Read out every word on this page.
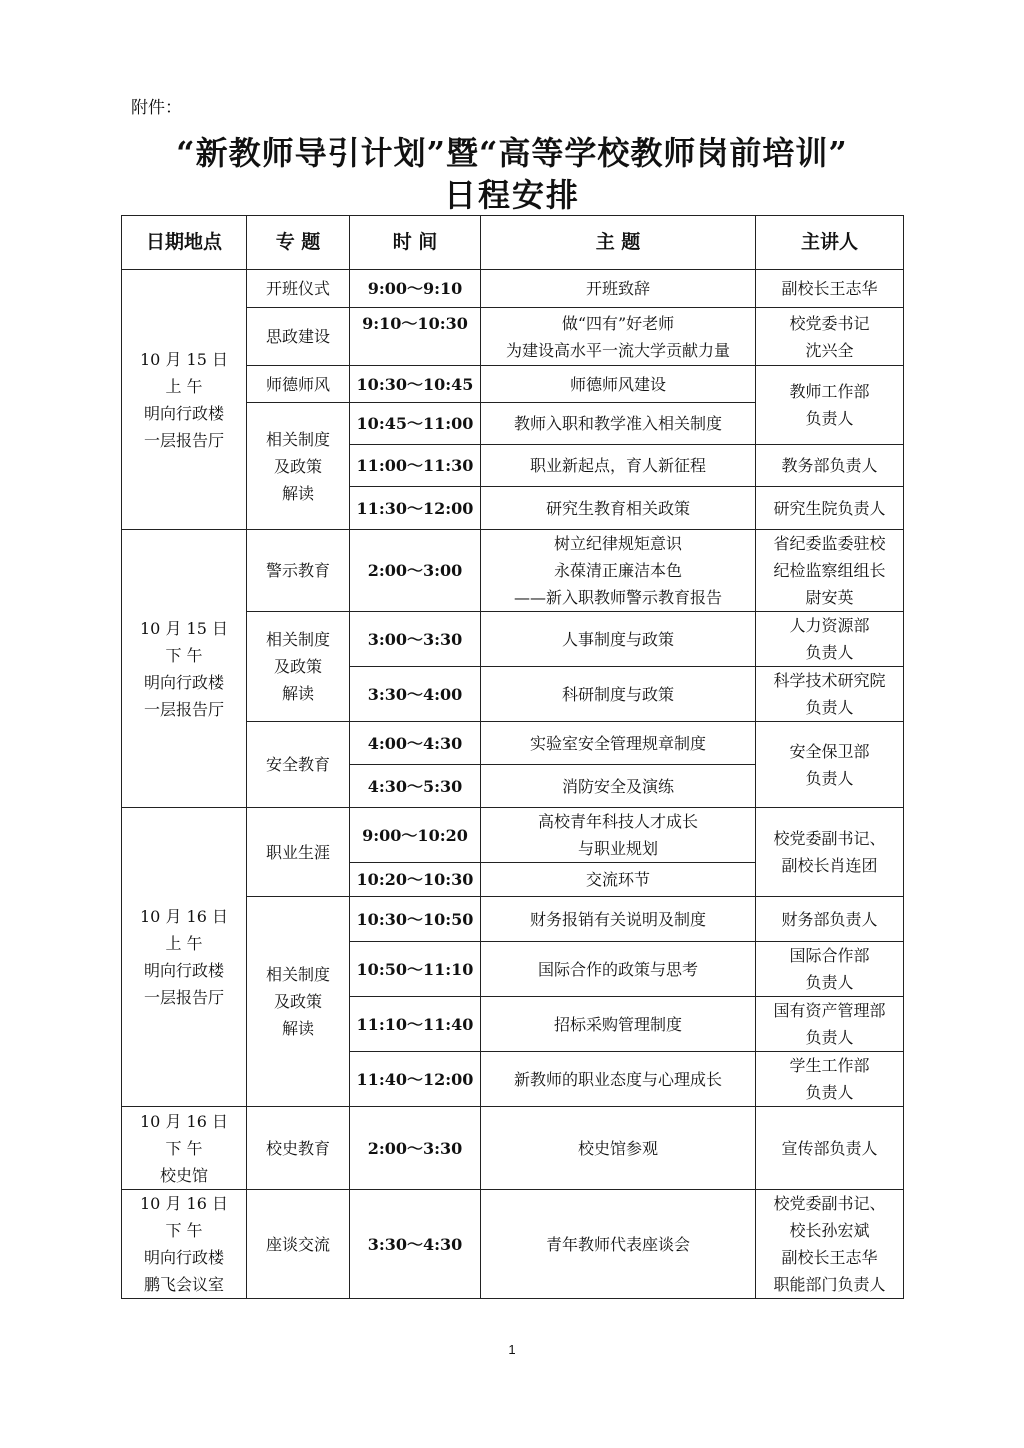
附件：
“新教师导引计划”暨“高等学校教师岗前培训”
日程安排
日期地点	专 题	时 间	主 题	主讲人

10 月 15 日
上 午
明向行政楼
一层报告厅	开班仪式	9:00～9:10	开班致辞	副校长王志华

	思政建设	9:10～10:30	做“四有”好老师
为建设高水平一流大学贡献力量	校党委书记
沈兴全

	师德师风	10:30～10:45	师德师风建设	教师工作部
负责人

	相关制度
及政策
解读	10:45～11:00	教师入职和教学准入相关制度	

		11:00～11:30	职业新起点，育人新征程	教务部负责人

		11:30～12:00	研究生教育相关政策	研究生院负责人

10 月 15 日
下 午
明向行政楼
一层报告厅	警示教育	2:00～3:00	树立纪律规矩意识
永葆清正廉洁本色
——新入职教师警示教育报告	省纪委监委驻校
纪检监察组组长
尉安英

	相关制度
及政策
解读	3:00～3:30	人事制度与政策	人力资源部
负责人

		3:30～4:00	科研制度与政策	科学技术研究院
负责人

	安全教育	4:00～4:30	实验室安全管理规章制度	安全保卫部
负责人

		4:30～5:30	消防安全及演练	

10 月 16 日
上 午
明向行政楼
一层报告厅	职业生涯	9:00～10:20	高校青年科技人才成长
与职业规划	校党委副书记、
副校长肖连团

		10:20～10:30	交流环节	

	相关制度
及政策
解读	10:30～10:50	财务报销有关说明及制度	财务部负责人

		10:50～11:10	国际合作的政策与思考	国际合作部
负责人

		11:10～11:40	招标采购管理制度	国有资产管理部
负责人

		11:40～12:00	新教师的职业态度与心理成长	学生工作部
负责人

10 月 16 日
下 午
校史馆	校史教育	2:00～3:30	校史馆参观	宣传部负责人

10 月 16 日
下 午
明向行政楼
鹏飞会议室	座谈交流	3:30～4:30	青年教师代表座谈会	校党委副书记、
校长孙宏斌
副校长王志华
职能部门负责人
1
